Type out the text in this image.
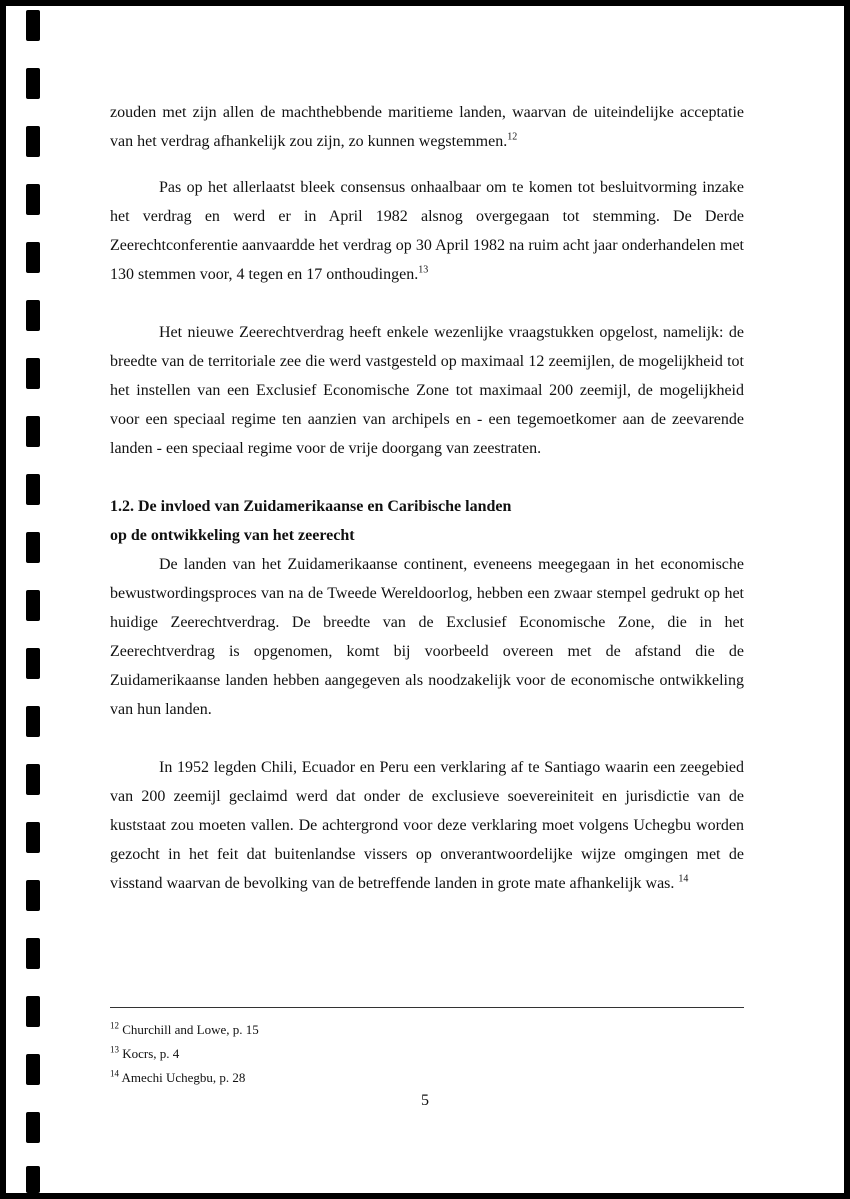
zouden met zijn allen de machthebbende maritieme landen, waarvan de uiteindelijke acceptatie van het verdrag afhankelijk zou zijn, zo kunnen wegstemmen.$^{12}$

Pas op het allerlaatst bleek consensus onhaalbaar om te komen tot besluitvorming inzake het verdrag en werd er in April 1982 alsnog overgegaan tot stemming. De Derde Zeerechtconferentie aanvaardde het verdrag op 30 April 1982 na ruim acht jaar onderhandelen met 130 stemmen voor, 4 tegen en 17 onthoudingen.$^{13}$

Het nieuwe Zeerechtverdrag heeft enkele wezenlijke vraagstukken opgelost, namelijk: de breedte van de territoriale zee die werd vastgesteld op maximaal 12 zeemijlen, de mogelijkheid tot het instellen van een Exclusief Economische Zone tot maximaal 200 zeemijl, de mogelijkheid voor een speciaal regime ten aanzien van archipels en - een tegemoetkomer aan de zeevarende landen - een speciaal regime voor de vrije doorgang van zeestraten.

1.2. De invloed van Zuidamerikaanse en Caribische landen

op de ontwikkeling van het zeerecht

De landen van het Zuidamerikaanse continent, eveneens meegegaan in het economische bewustwordingsproces van na de Tweede Wereldoorlog, hebben een zwaar stempel gedrukt op het huidige Zeerechtverdrag. De breedte van de Exclusief Economische Zone, die in het Zeerechtverdrag is opgenomen, komt bij voorbeeld overeen met de afstand die de Zuidamerikaanse landen hebben aangegeven als noodzakelijk voor de economische ontwikkeling van hun landen.

In 1952 legden Chili, Ecuador en Peru een verklaring af te Santiago waarin een zeegebied van 200 zeemijl geclaimd werd dat onder de exclusieve soevereiniteit en jurisdictie van de kuststaat zou moeten vallen. De achtergrond voor deze verklaring moet volgens Uchegbu worden gezocht in het feit dat buitenlandse vissers op onverantwoordelijke wijze omgingen met de visstand waarvan de bevolking van de betreffende landen in grote mate afhankelijk was. $^{14}$

$^{12}$ Churchill and Lowe, p. 15

$^{13}$ Kocrs, p. 4

$^{14}$ Amechi Uchegbu, p. 28

5
